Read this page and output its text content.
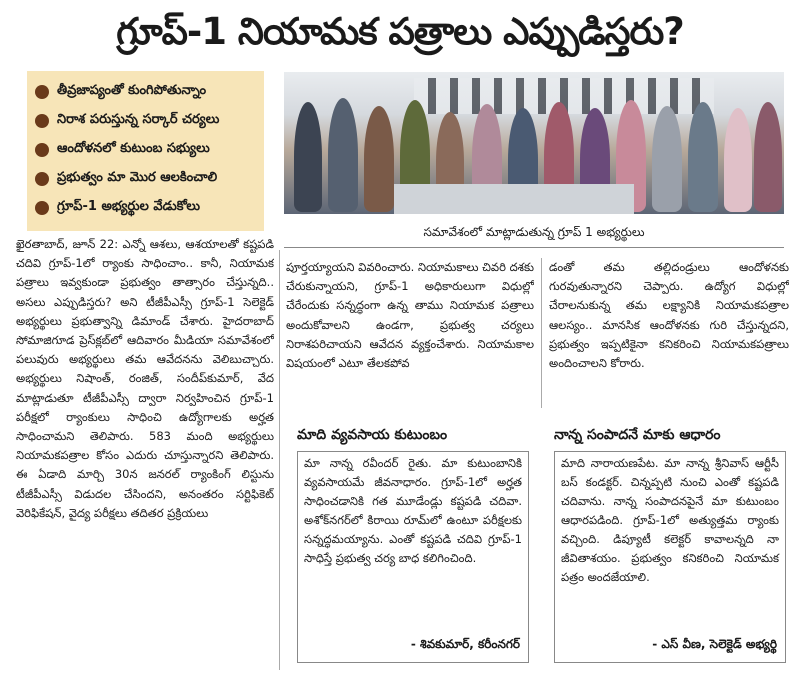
గ్రూప్‌-1 నియామక పత్రాలు ఎప్పుడిస్తరు?
తీవ్రజాప్యంతో కుంగిపోతున్నాం
నిరాశ పరుస్తున్న సర్కార్‌ చర్యలు
ఆందోళనలో కుటుంబ సభ్యులు
ప్రభుత్వం మా మొర ఆలకించాలి
గ్రూప్‌-1 అభ్యర్థుల వేడుకోలు
సమావేశంలో మాట్లాడుతున్న గ్రూప్‌ 1 అభ్యర్థులు

ఖైరతాబాద్‌, జూన్‌ 22: ఎన్నో ఆశలు, ఆశయాలతో కష్టపడి చదివి గ్రూప్‌-1లో ర్యాంకు సాధించాం.. కానీ, నియామక పత్రాలు ఇవ్వకుండా ప్రభుత్వం తాత్సారం చేస్తున్నది.. అసలు ఎప్పుడిస్తరు? అని టీజీపీఎస్సీ గ్రూప్‌-1 సెలెక్టెడ్‌ అభ్యర్థులు ప్రభుత్వాన్ని డిమాండ్‌ చేశారు. హైదరాబాద్‌ సోమాజిగూడ ప్రెస్‌క్లబ్‌లో ఆదివారం మీడియా సమావేశంలో పలువురు అభ్యర్థులు తమ ఆవేదనను వెలిబుచ్చారు. అభ్యర్థులు నిషాంత్‌, రంజిత్‌, సందీప్‌కుమార్‌, వేద మాట్లాడుతూ టీజీపీఎస్సీ ద్వారా నిర్వహించిన గ్రూప్‌-1 పరీక్షలో ర్యాంకులు సాధించి ఉద్యోగాలకు అర్హత సాధించామని తెలిపారు. 583 మంది అభ్యర్థులు నియామకపత్రాల కోసం ఎదురు చూస్తున్నారని తెలిపారు. ఈ ఏడాది మార్చి 30న జనరల్‌ ర్యాంకింగ్‌ లిస్టును టీజీపీఎస్సీ విడుదల చేసిందని, అనంతరం సర్టిఫికెట్‌ వెరిఫికేషన్‌, వైద్య పరీక్షలు తదితర ప్రక్రియలు

పూర్తయ్యాయని వివరించారు. నియామకాలు చివరి దశకు చేరుకున్నాయని, గ్రూప్‌-1 అధికారులుగా విధుల్లో చేరేందుకు సన్నద్ధంగా ఉన్న తాము నియామక పత్రాలు అందుకోవాలని ఉండగా, ప్రభుత్వ చర్యలు నిరాశపరిచాయని ఆవేదన వ్యక్తంచేశారు. నియామకాల విషయంలో ఎటూ తేలకపోవ

డంతో తమ తల్లిదండ్రులు ఆందోళనకు గురవుతున్నారని చెప్పారు. ఉద్యోగ విధుల్లో చేరాలనుకున్న తమ లక్ష్యానికి నియామకపత్రాల ఆలస్యం.. మానసిక ఆందోళనకు గురి చేస్తున్నదని, ప్రభుత్వం ఇప్పటికైనా కనికరించి నియామకపత్రాలు అందించాలని కోరారు.

మాది వ్యవసాయ కుటుంబం
మా నాన్న రవీందర్‌ రైతు. మా కుటుంబానికి వ్యవసాయమే జీవనాధారం. గ్రూప్‌-1లో అర్హత సాధించడానికి గత మూడేండ్లు కష్టపడి చదివా. అశోక్‌నగర్‌లో కిరాయి రూమ్‌లో ఉంటూ పరీక్షలకు సన్నద్ధమయ్యాను. ఎంతో కష్టపడి చదివి గ్రూప్‌-1 సాధిస్తే ప్రభుత్వ చర్య బాధ కలిగించింది.
- శివకుమార్‌, కరీంనగర్‌
నాన్న సంపాదనే మాకు ఆధారం
మాది నారాయణపేట. మా నాన్న శ్రీనివాస్‌ ఆర్టీసీ బస్‌ కండక్టర్‌. చిన్నప్పటి నుంచి ఎంతో కష్టపడి చదివాను. నాన్న సంపాదనపైనే మా కుటుంబం ఆధారపడింది. గ్రూప్‌-1లో అత్యుత్తమ ర్యాంకు వచ్చింది. డిప్యూటీ కలెక్టర్‌ కావాలన్నది నా జీవితాశయం. ప్రభుత్వం కనికరించి నియామక పత్రం అందజేయాలి.
- ఎస్‌ వీణ, సెలెక్టెడ్‌ అభ్యర్థి
